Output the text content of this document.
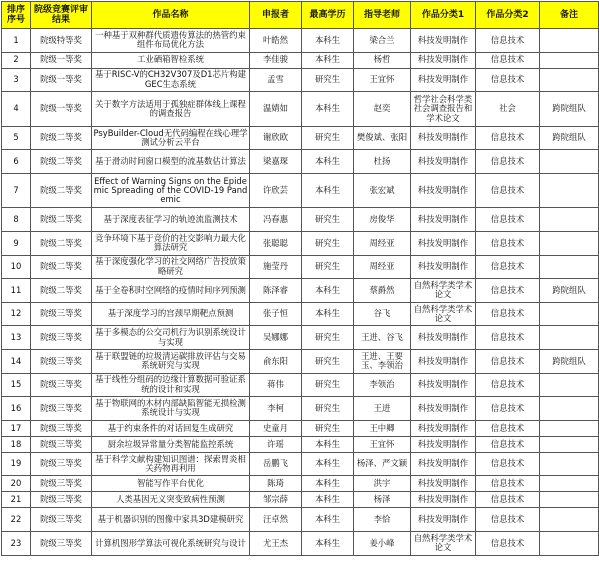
排序序号	院级竞赛评审结果	作品名称	申报者	最高学历	指导老师	作品分类1	作品分类2	备注
1	院级特等奖	一种基于双种群代质遗传算法的热管约束组件布局优化方法	叶皓然	本科生	梁合兰	科技发明制作	信息技术	
2	院级一等奖	工业硒箱智检系统	李佳骏	本科生	杨哲	科技发明制作	信息技术	
3	院级一等奖	基于RISC-V的CH32V307及D1芯片构建GEC生态系统	孟雪	研究生	王宜怀	科技发明制作	信息技术	
4	院级一等奖	关于数字方法适用于孤独症群体线上课程的调查报告	温婧如	本科生	赵奕	哲学社会科学类社会调查报告和学术论文	社会	跨院组队
5	院级二等奖	PsyBuilder-Cloud无代码编程在线心理学测试分析云平台	谢欣欧	研究生	樊俊斌、张阳	科技发明制作	信息技术	跨院组队
6	院级二等奖	基于滑动时间窗口模型的流基数估计算法	梁嘉琛	本科生	杜扬	科技发明制作	信息技术	
7	院级二等奖	Effect of Warning Signs on the Epidemic Spreading of the COVID-19 Pandemic	许欣芸	本科生	张宏斌	科技发明制作	信息技术	
8	院级二等奖	基于深度表征学习的轨迹流监测技术	冯春惠	研究生	房俊华	科技发明制作	信息技术	
9	院级二等奖	竞争环境下基于竞价的社交影响力最大化算法研究	张聪聪	研究生	周经亚	科技发明制作	信息技术	
10	院级二等奖	基于深度强化学习的社交网络广告投放策略研究	施莹丹	研究生	周经亚	科技发明制作	信息技术	
11	院级二等奖	基于全卷积时空网络的疫情时间序列预测	陈泽睿	本科生	蔡爵然	自然科学类学术论文	信息技术	跨院组队
12	院级三等奖	基于深度学习的宫颈早期靶点预测	张子恒	本科生	谷飞	自然科学类学术论文	信息技术	
13	院级三等奖	基于多模态的公交司机行为识别系统设计与实现	吴娜娜	研究生	王进、谷飞	科技发明制作	信息技术	
14	院级三等奖	基于联盟链的垃圾清运碳排放评估与交易系统研究与实现	俞东阳	研究生	王进、王要玉、李领治	科技发明制作	信息技术	跨院组队
15	院级三等奖	基于线性分组码的边缘计算数据可验证系统的设计和实现	蒋伟	研究生	李领治	科技发明制作	信息技术	
16	院级三等奖	基于物联网的木材内部缺陷智能无损检测系统设计与实现	李柯	研究生	王进	科技发明制作	信息技术	
17	院级三等奖	基于约束条件的对话回复生成研究	史童月	研究生	王中卿	科技发明制作	信息技术	
18	院级三等奖	厨余垃圾异常量分类智能监控系统	许瑶	本科生	王宜怀	科技发明制作	信息技术	
19	院级三等奖	基于科学文献构建知识图谱：探索胃炎相关药物再利用	岳鹏飞	本科生	杨泽、严文颖	科技发明制作	信息技术	
20	院级三等奖	智能写作平台优化	陈琦	本科生	洪宇	科技发明制作	信息技术	
21	院级三等奖	人类基因无义突变致病性预测	邹宗薛	本科生	杨泽	科技发明制作	信息技术	
22	院级三等奖	基于机器识别的图像中家具3D建模研究	汪卓然	本科生	李恰	科技发明制作	信息技术	
23	院级三等奖	计算机图形学算法可视化系统研究与设计	尤王杰	本科生	姜小峰	自然科学类学术论文	信息技术	
